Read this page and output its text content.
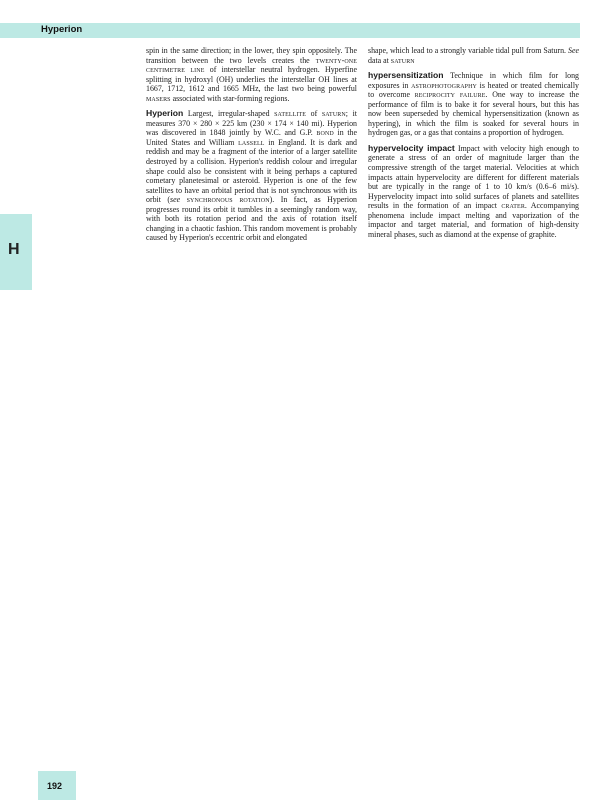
Hyperion
H

spin in the same direction; in the lower, they spin oppositely. The transition between the two levels creates the twenty-one centimetre line of interstellar neutral hydrogen. Hyperfine splitting in hydroxyl (OH) underlies the interstellar OH lines at 1667, 1712, 1612 and 1665 MHz, the last two being powerful masers associated with star-forming regions.

Hyperion Largest, irregular-shaped satellite of saturn; it measures 370 × 280 × 225 km (230 × 174 × 140 mi). Hyperion was discovered in 1848 jointly by W.C. and G.P. bond in the United States and William lassell in England. It is dark and reddish and may be a fragment of the interior of a larger satellite destroyed by a collision. Hyperion's reddish colour and irregular shape could also be consistent with it being perhaps a captured cometary planetesimal or asteroid. Hyperion is one of the few satellites to have an orbital period that is not synchronous with its orbit (see synchronous rotation). In fact, as Hyperion progresses round its orbit it tumbles in a seemingly random way, with both its rotation period and the axis of rotation itself changing in a chaotic fashion. This random movement is probably caused by Hyperion's eccentric orbit and elongated

shape, which lead to a strongly variable tidal pull from Saturn. See data at saturn

hypersensitization Technique in which film for long exposures in astrophotography is heated or treated chemically to overcome reciprocity failure. One way to increase the performance of film is to bake it for several hours, but this has now been superseded by chemical hypersensitization (known as hypering), in which the film is soaked for several hours in hydrogen gas, or a gas that contains a proportion of hydrogen.

hypervelocity impact Impact with velocity high enough to generate a stress of an order of magnitude larger than the compressive strength of the target material. Velocities at which impacts attain hypervelocity are different for different materials but are typically in the range of 1 to 10 km/s (0.6–6 mi/s). Hypervelocity impact into solid surfaces of planets and satellites results in the formation of an impact crater. Accompanying phenomena include impact melting and vaporization of the impactor and target material, and formation of high-density mineral phases, such as diamond at the expense of graphite.

192
